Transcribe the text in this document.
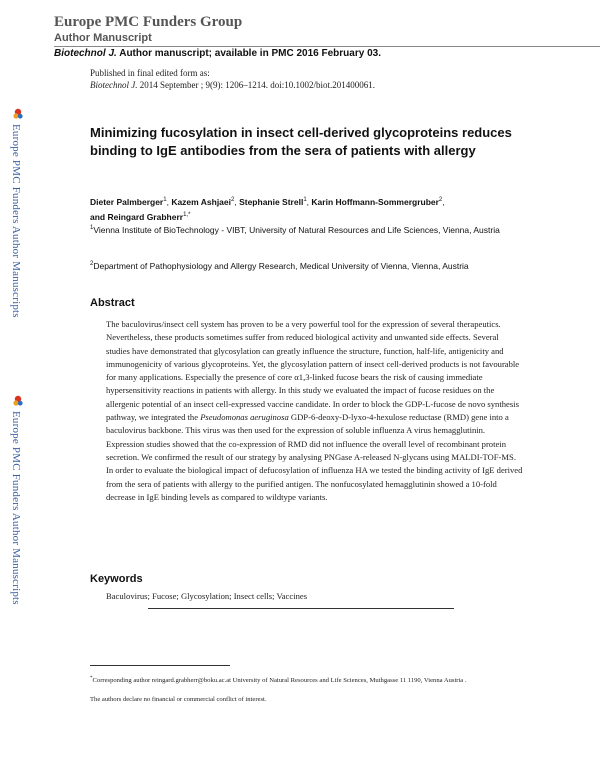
Europe PMC Funders Group
Author Manuscript
Biotechnol J. Author manuscript; available in PMC 2016 February 03.
Published in final edited form as:
Biotechnol J. 2014 September ; 9(9): 1206–1214. doi:10.1002/biot.201400061.
Europe PMC Funders Author Manuscripts
Europe PMC Funders Author Manuscripts
Minimizing fucosylation in insect cell-derived glycoproteins reduces binding to IgE antibodies from the sera of patients with allergy
Dieter Palmberger$^1$, Kazem Ashjaei$^2$, Stephanie Strell$^1$, Karin Hoffmann-Sommergruber$^2$,
and Reingard Grabherr$^{1,*}$
$^1$Vienna Institute of BioTechnology - VIBT, University of Natural Resources and Life Sciences, Vienna, Austria
$^2$Department of Pathophysiology and Allergy Research, Medical University of Vienna, Vienna, Austria
Abstract

The baculovirus/insect cell system has proven to be a very powerful tool for the expression of several therapeutics. Nevertheless, these products sometimes suffer from reduced biological activity and unwanted side effects. Several studies have demonstrated that glycosylation can greatly influence the structure, function, half-life, antigenicity and immunogenicity of various glycoproteins. Yet, the glycosylation pattern of insect cell-derived products is not favourable for many applications. Especially the presence of core α1,3-linked fucose bears the risk of causing immediate hypersensitivity reactions in patients with allergy. In this study we evaluated the impact of fucose residues on the allergenic potential of an insect cell-expressed vaccine candidate. In order to block the GDP-L-fucose de novo synthesis pathway, we integrated the Pseudomonas aeruginosa GDP-6-deoxy-D-lyxo-4-hexulose reductase (RMD) gene into a baculovirus backbone. This virus was then used for the expression of soluble influenza A virus hemagglutinin. Expression studies showed that the co-expression of RMD did not influence the overall level of recombinant protein secretion. We confirmed the result of our strategy by analysing PNGase A-released N-glycans using MALDI-TOF-MS. In order to evaluate the biological impact of defucosylation of influenza HA we tested the binding activity of IgE derived from the sera of patients with allergy to the purified antigen. The nonfucosylated hemagglutinin showed a 10-fold decrease in IgE binding levels as compared to wildtype variants.

Keywords
Baculovirus; Fucose; Glycosylation; Insect cells; Vaccines
*Corresponding author reingard.grabherr@boku.ac.at University of Natural Resources and Life Sciences, Muthgasse 11 1190, Vienna Austria .
The authors declare no financial or commercial conflict of interest.
